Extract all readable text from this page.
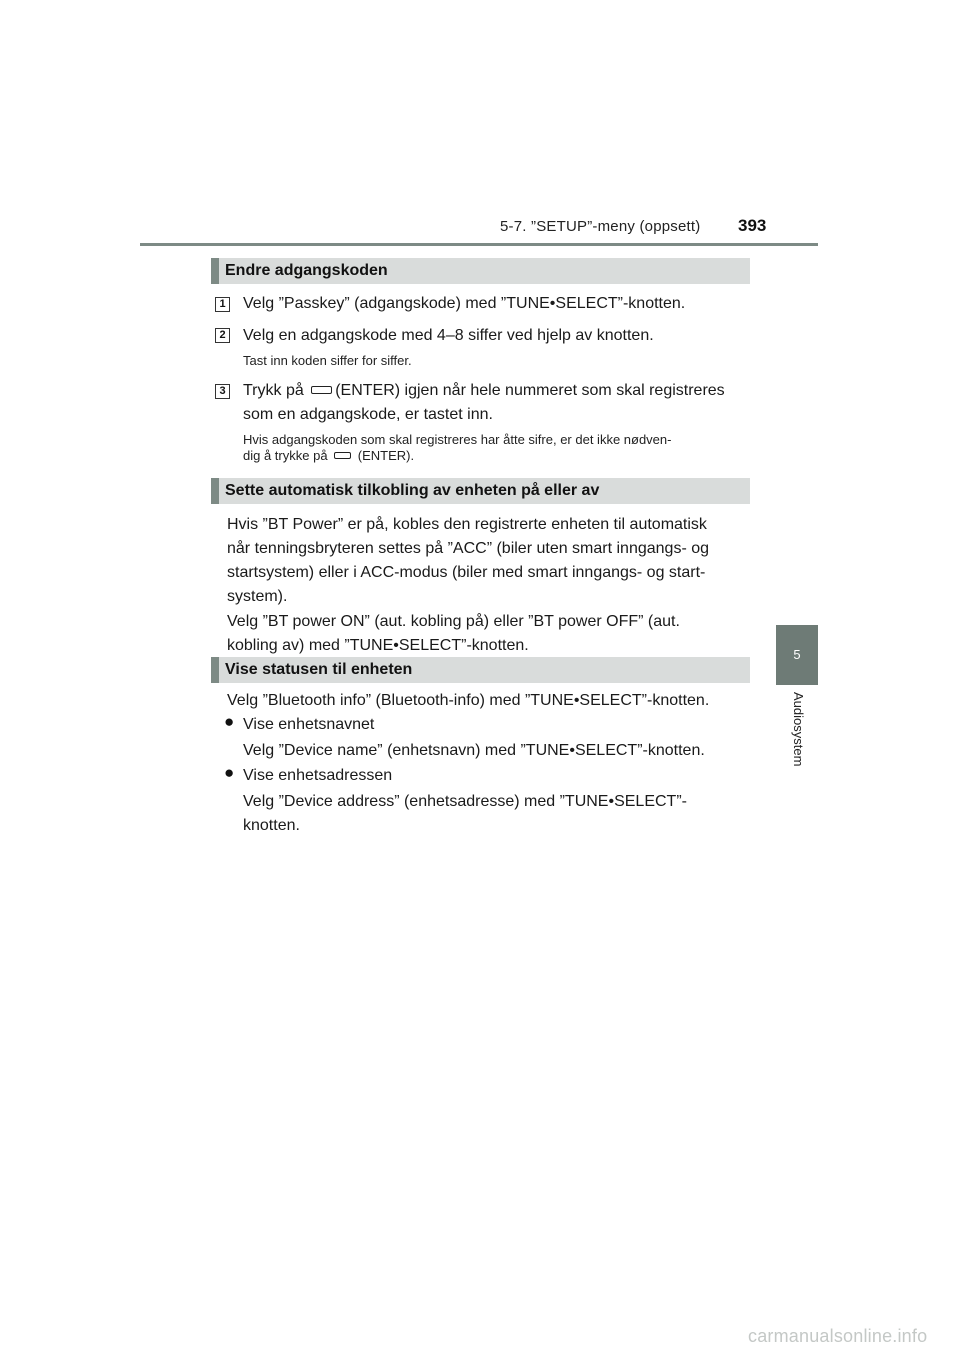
5-7. ”SETUP”-meny (oppsett) 393
5
Audiosystem
Endre adgangskoden
1 Velg ”Passkey” (adgangskode) med ”TUNE•SELECT”-knotten.
2 Velg en adgangskode med 4–8 siffer ved hjelp av knotten.
Tast inn koden siffer for siffer.
3 Trykk på (ENTER) igjen når hele nummeret som skal registreres
som en adgangskode, er tastet inn.
Hvis adgangskoden som skal registreres har åtte sifre, er det ikke nødven-
dig å trykke på (ENTER).
Sette automatisk tilkobling av enheten på eller av
Hvis ”BT Power” er på, kobles den registrerte enheten til automatisk
når tenningsbryteren settes på ”ACC” (biler uten smart inngangs- og
startsystem) eller i ACC-modus (biler med smart inngangs- og start-
system).
Velg ”BT power ON” (aut. kobling på) eller ”BT power OFF” (aut.
kobling av) med ”TUNE•SELECT”-knotten.
Vise statusen til enheten
Velg ”Bluetooth info” (Bluetooth-info) med ”TUNE•SELECT”-knotten.
● Vise enhetsnavnet
Velg ”Device name” (enhetsnavn) med ”TUNE•SELECT”-knotten.
● Vise enhetsadressen
Velg ”Device address” (enhetsadresse) med ”TUNE•SELECT”-
knotten.
carmanualsonline.info
